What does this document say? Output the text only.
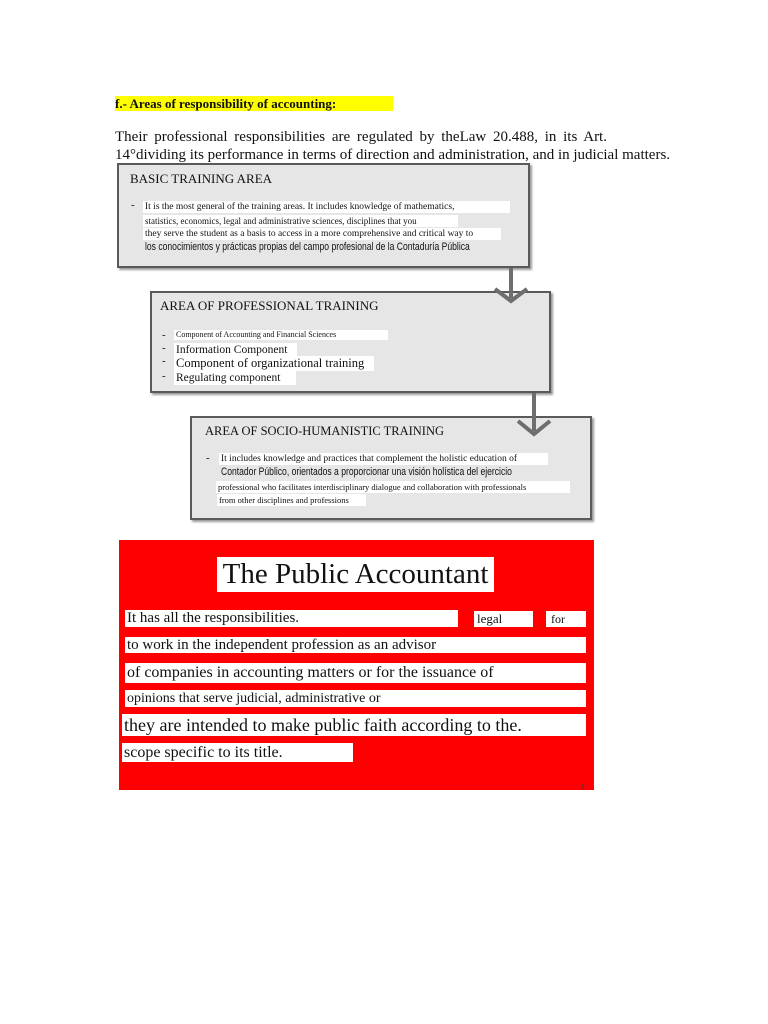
f.- Areas of responsibility of accounting:
Their professional responsibilities are regulated by theLaw 20.488, in its Art.
14°dividing its performance in terms of direction and administration, and in judicial matters.
BASIC TRAINING AREA
- It is the most general of the training areas. It includes knowledge of mathematics,
statistics, economics, legal and administrative sciences, disciplines that you
they serve the student as a basis to access in a more comprehensive and critical way to
los conocimientos y prácticas propias del campo profesional de la Contaduría Pública
AREA OF PROFESSIONAL TRAINING
- Component of Accounting and Financial Sciences
- Information Component
- Component of organizational training
- Regulating component
AREA OF SOCIO-HUMANISTIC TRAINING
- It includes knowledge and practices that complement the holistic education of
Contador Público, orientados a proporcionar una visión holística del ejercicio
professional who facilitates interdisciplinary dialogue and collaboration with professionals
from other disciplines and professions
The Public Accountant
It has all the responsibilities.	legal	for
to work in the independent profession as an advisor
of companies in accounting matters or for the issuance of
opinions that serve judicial, administrative or
they are intended to make public faith according to the.
scope specific to its title.
1
